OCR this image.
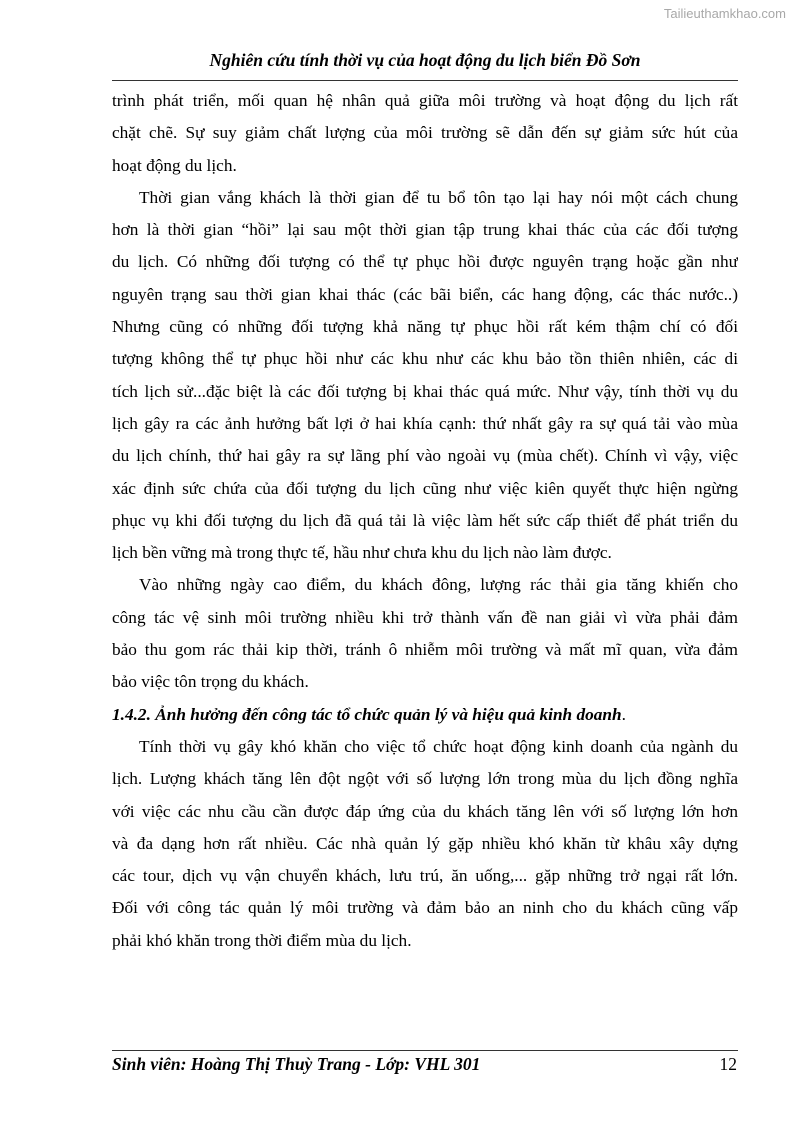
Tailieuthamkhao.com
Nghiên cứu tính thời vụ của hoạt động du lịch biển Đồ Sơn
trình phát triển, mối quan hệ nhân quả giữa môi trường và hoạt động du lịch rất
chặt chẽ. Sự suy giảm chất lượng của môi trường sẽ dẫn đến sự giảm sức hút của
hoạt động du lịch.
Thời gian vắng khách là thời gian để tu bổ tôn tạo lại hay nói một cách chung
hơn là thời gian “hồi” lại sau một thời gian tập trung khai thác của các đối tượng
du lịch. Có những đối tượng có thể tự phục hồi được nguyên trạng hoặc gần như
nguyên trạng sau thời gian khai thác (các bãi biển, các hang động, các thác nước..)
Nhưng cũng có những đối tượng khả năng tự phục hồi rất kém thậm chí có đối
tượng không thể tự phục hồi như các khu như các khu bảo tồn thiên nhiên, các di
tích lịch sử...đặc biệt là các đối tượng bị khai thác quá mức. Như vậy, tính thời vụ du
lịch gây ra các ảnh hưởng bất lợi ở hai khía cạnh: thứ nhất gây ra sự quá tải vào mùa
du lịch chính, thứ hai gây ra sự lãng phí vào ngoài vụ (mùa chết). Chính vì vậy, việc
xác định sức chứa của đối tượng du lịch cũng như việc kiên quyết thực hiện ngừng
phục vụ khi đối tượng du lịch đã quá tải là việc làm hết sức cấp thiết để phát triển du
lịch bền vững mà trong thực tế, hầu như chưa khu du lịch nào làm được.
Vào những ngày cao điểm, du khách đông, lượng rác thải gia tăng khiến cho
công tác vệ sinh môi trường nhiều khi trở thành vấn đề nan giải vì vừa phải đảm
bảo thu gom rác thải kip thời, tránh ô nhiễm môi trường và mất mĩ quan, vừa đảm
bảo việc tôn trọng du khách.
1.4.2. Ảnh hưởng đến công tác tổ chức quản lý và hiệu quả kinh doanh.
Tính thời vụ gây khó khăn cho việc tổ chức hoạt động kinh doanh của ngành du
lịch. Lượng khách tăng lên đột ngột với số lượng lớn trong mùa du lịch đồng nghĩa
với việc các nhu cầu cần được đáp ứng của du khách tăng lên với số lượng lớn hơn
và đa dạng hơn rất nhiều. Các nhà quản lý gặp nhiều khó khăn từ khâu xây dựng
các tour, dịch vụ vận chuyển khách, lưu trú, ăn uống,... gặp những trở ngại rất lớn.
Đối với công tác quản lý môi trường và đảm bảo an ninh cho du khách cũng vấp
phải khó khăn trong thời điểm mùa du lịch.
Sinh viên: Hoàng Thị Thuỳ Trang - Lớp: VHL 301	12
